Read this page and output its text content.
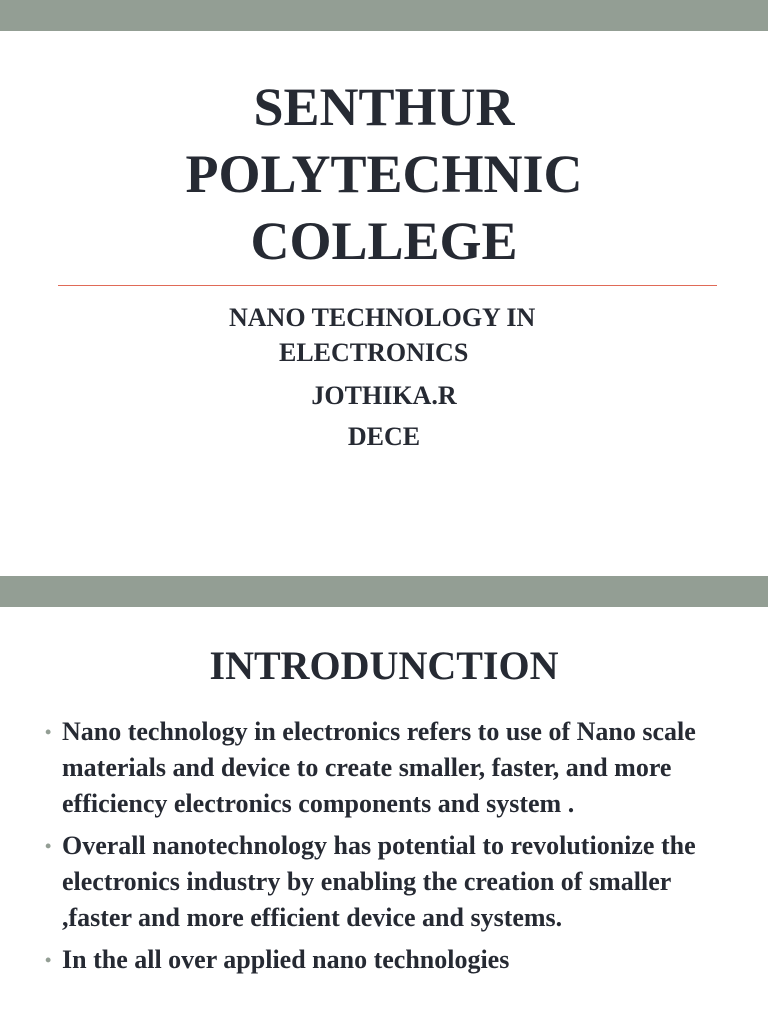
SENTHUR
POLYTECHNIC
COLLEGE
NANO TECHNOLOGY IN
ELECTRONICS
JOTHIKA.R
DECE
INTRODUNCTION
• Nano technology in electronics refers to use of Nano scale materials and device to create smaller, faster, and more efficiency electronics components and system .
• Overall nanotechnology has potential to revolutionize the electronics industry by enabling the creation of smaller ,faster and more efficient device and systems.
• In the all over applied nano technologies
